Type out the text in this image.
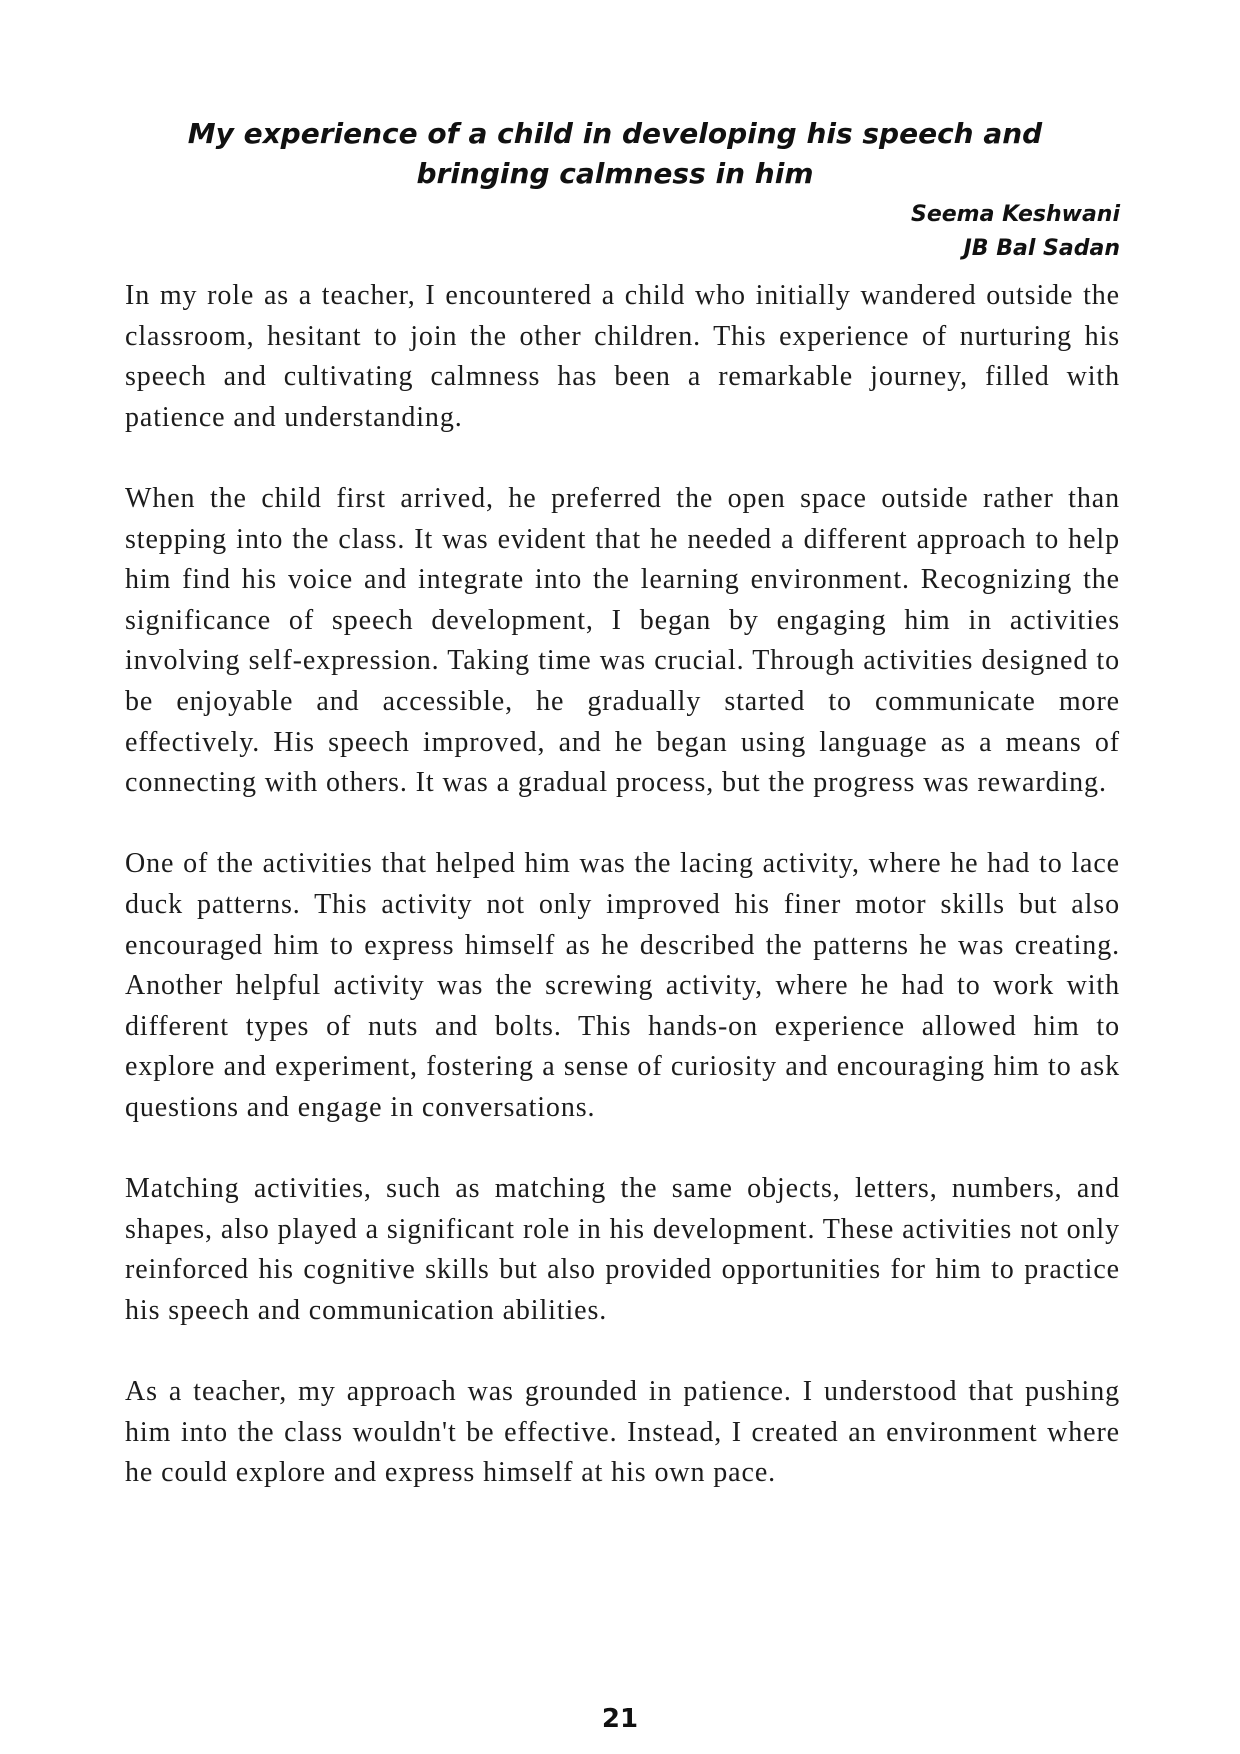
My experience of a child in developing his speech and bringing calmness in him
Seema Keshwani
JB Bal Sadan

In my role as a teacher, I encountered a child who initially wandered outside the classroom, hesitant to join the other children. This experience of nurturing his speech and cultivating calmness has been a remarkable journey, filled with patience and understanding.

When the child first arrived, he preferred the open space outside rather than stepping into the class. It was evident that he needed a different approach to help him find his voice and integrate into the learning environment. Recognizing the significance of speech development, I began by engaging him in activities involving self-expression. Taking time was crucial. Through activities designed to be enjoyable and accessible, he gradually started to communicate more effectively. His speech improved, and he began using language as a means of connecting with others. It was a gradual process, but the progress was rewarding.

One of the activities that helped him was the lacing activity, where he had to lace duck patterns. This activity not only improved his finer motor skills but also encouraged him to express himself as he described the patterns he was creating. Another helpful activity was the screwing activity, where he had to work with different types of nuts and bolts. This hands-on experience allowed him to explore and experiment, fostering a sense of curiosity and encouraging him to ask questions and engage in conversations.

Matching activities, such as matching the same objects, letters, numbers, and shapes, also played a significant role in his development. These activities not only reinforced his cognitive skills but also provided opportunities for him to practice his speech and communication abilities.

As a teacher, my approach was grounded in patience. I understood that pushing him into the class wouldn't be effective. Instead, I created an environment where he could explore and express himself at his own pace.

21
